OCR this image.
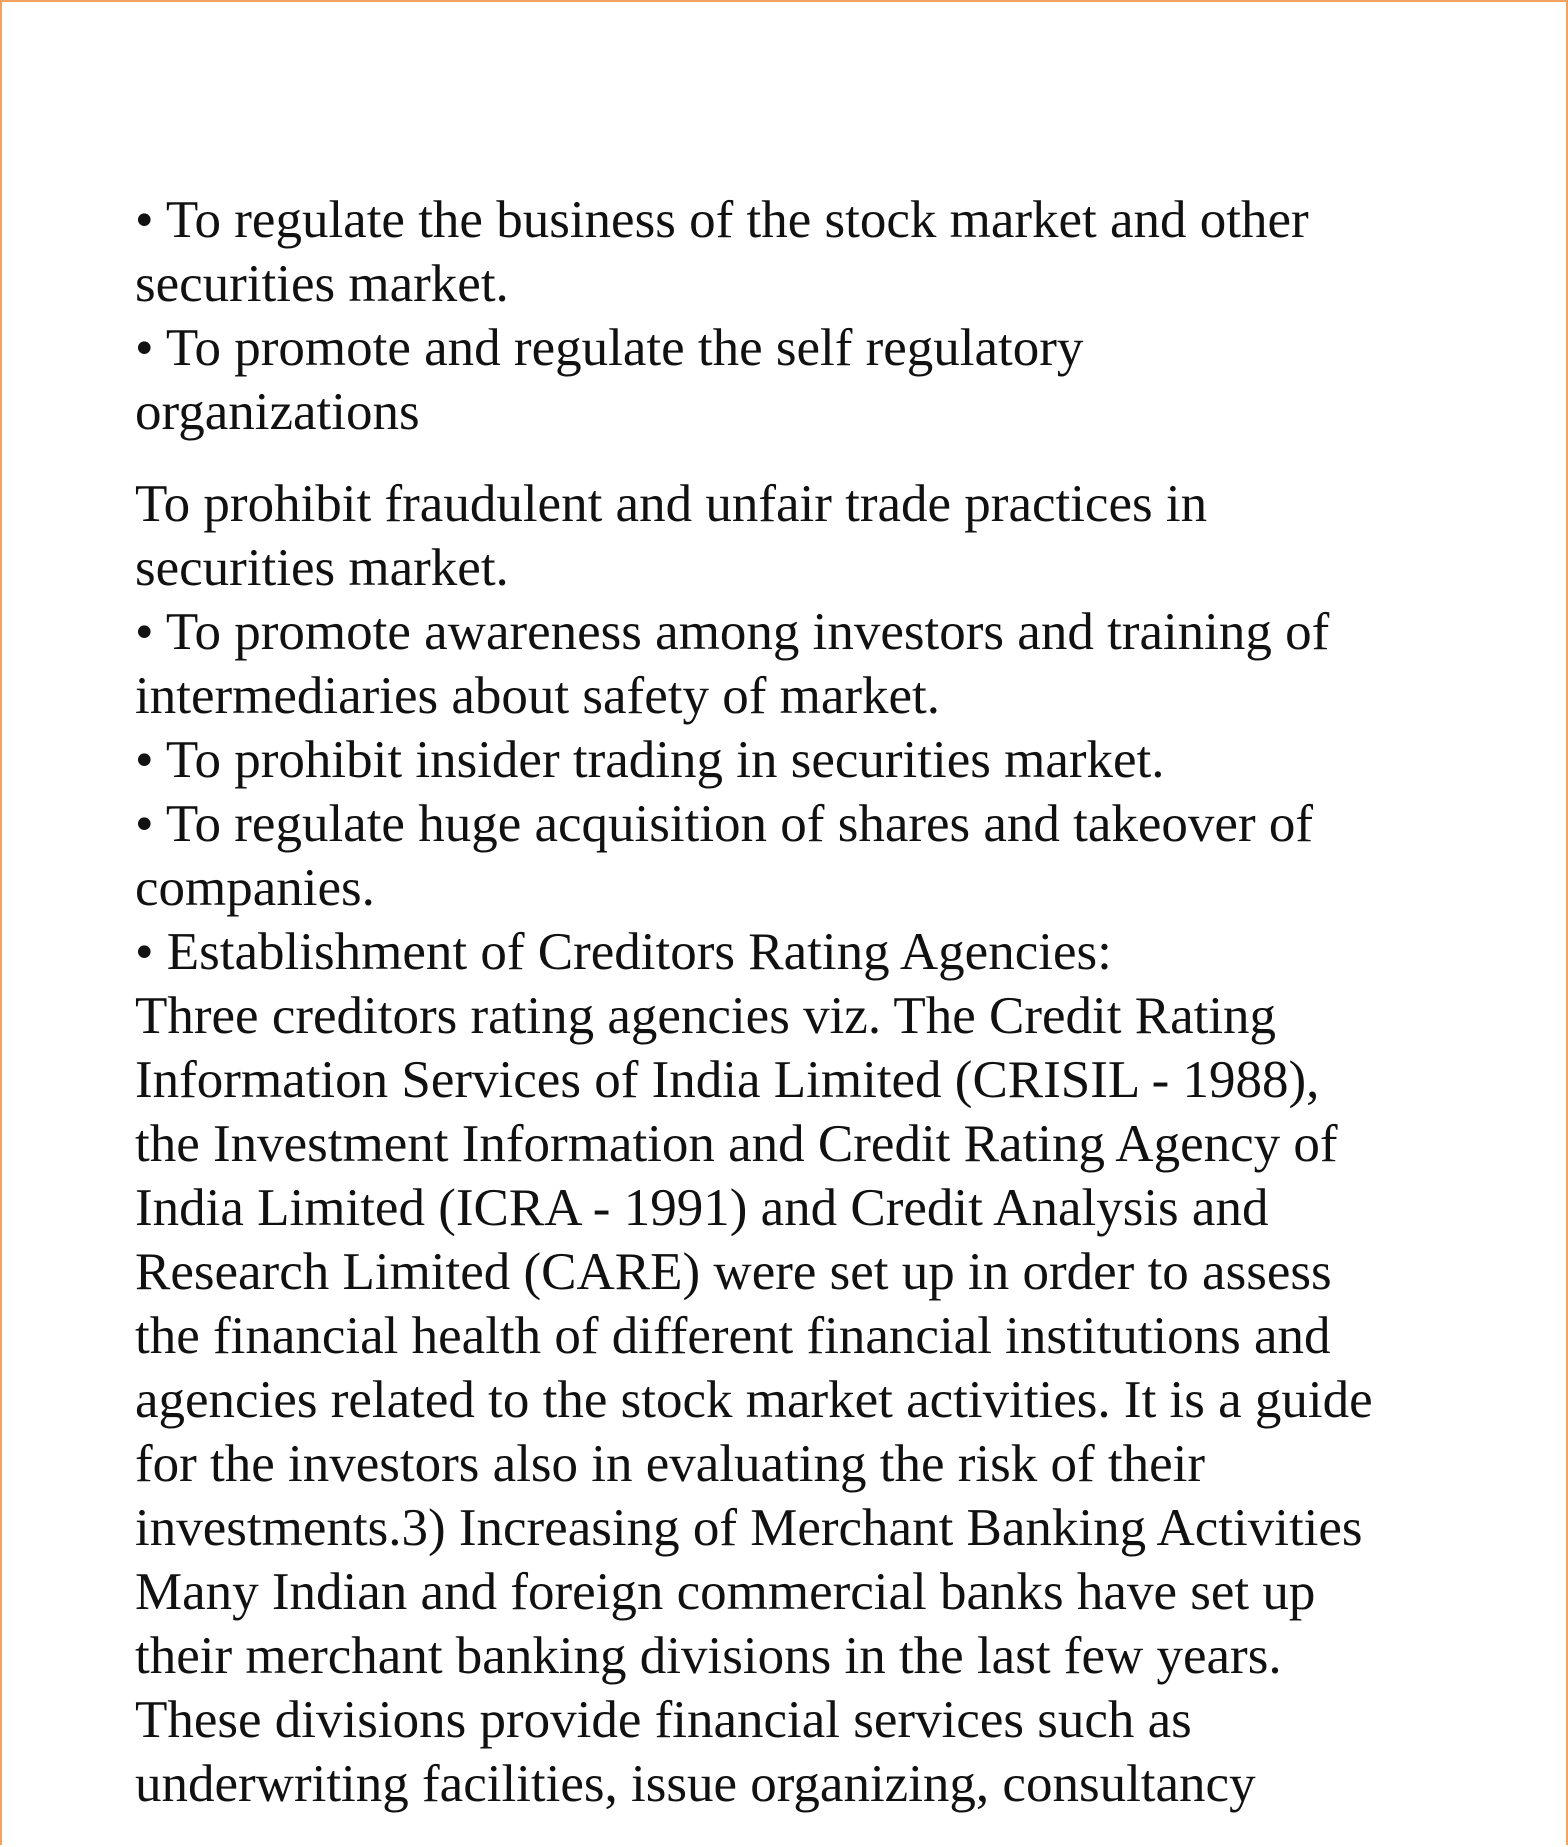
• To regulate the business of the stock market and other
securities market.
• To promote and regulate the self regulatory
organizations
To prohibit fraudulent and unfair trade practices in
securities market.
• To promote awareness among investors and training of
intermediaries about safety of market.
• To prohibit insider trading in securities market.
• To regulate huge acquisition of shares and takeover of
companies.
• Establishment of Creditors Rating Agencies:
Three creditors rating agencies viz. The Credit Rating
Information Services of India Limited (CRISIL - 1988),
the Investment Information and Credit Rating Agency of
India Limited (ICRA - 1991) and Credit Analysis and
Research Limited (CARE) were set up in order to assess
the financial health of different financial institutions and
agencies related to the stock market activities. It is a guide
for the investors also in evaluating the risk of their
investments.3) Increasing of Merchant Banking Activities
Many Indian and foreign commercial banks have set up
their merchant banking divisions in the last few years.
These divisions provide financial services such as
underwriting facilities, issue organizing, consultancy
